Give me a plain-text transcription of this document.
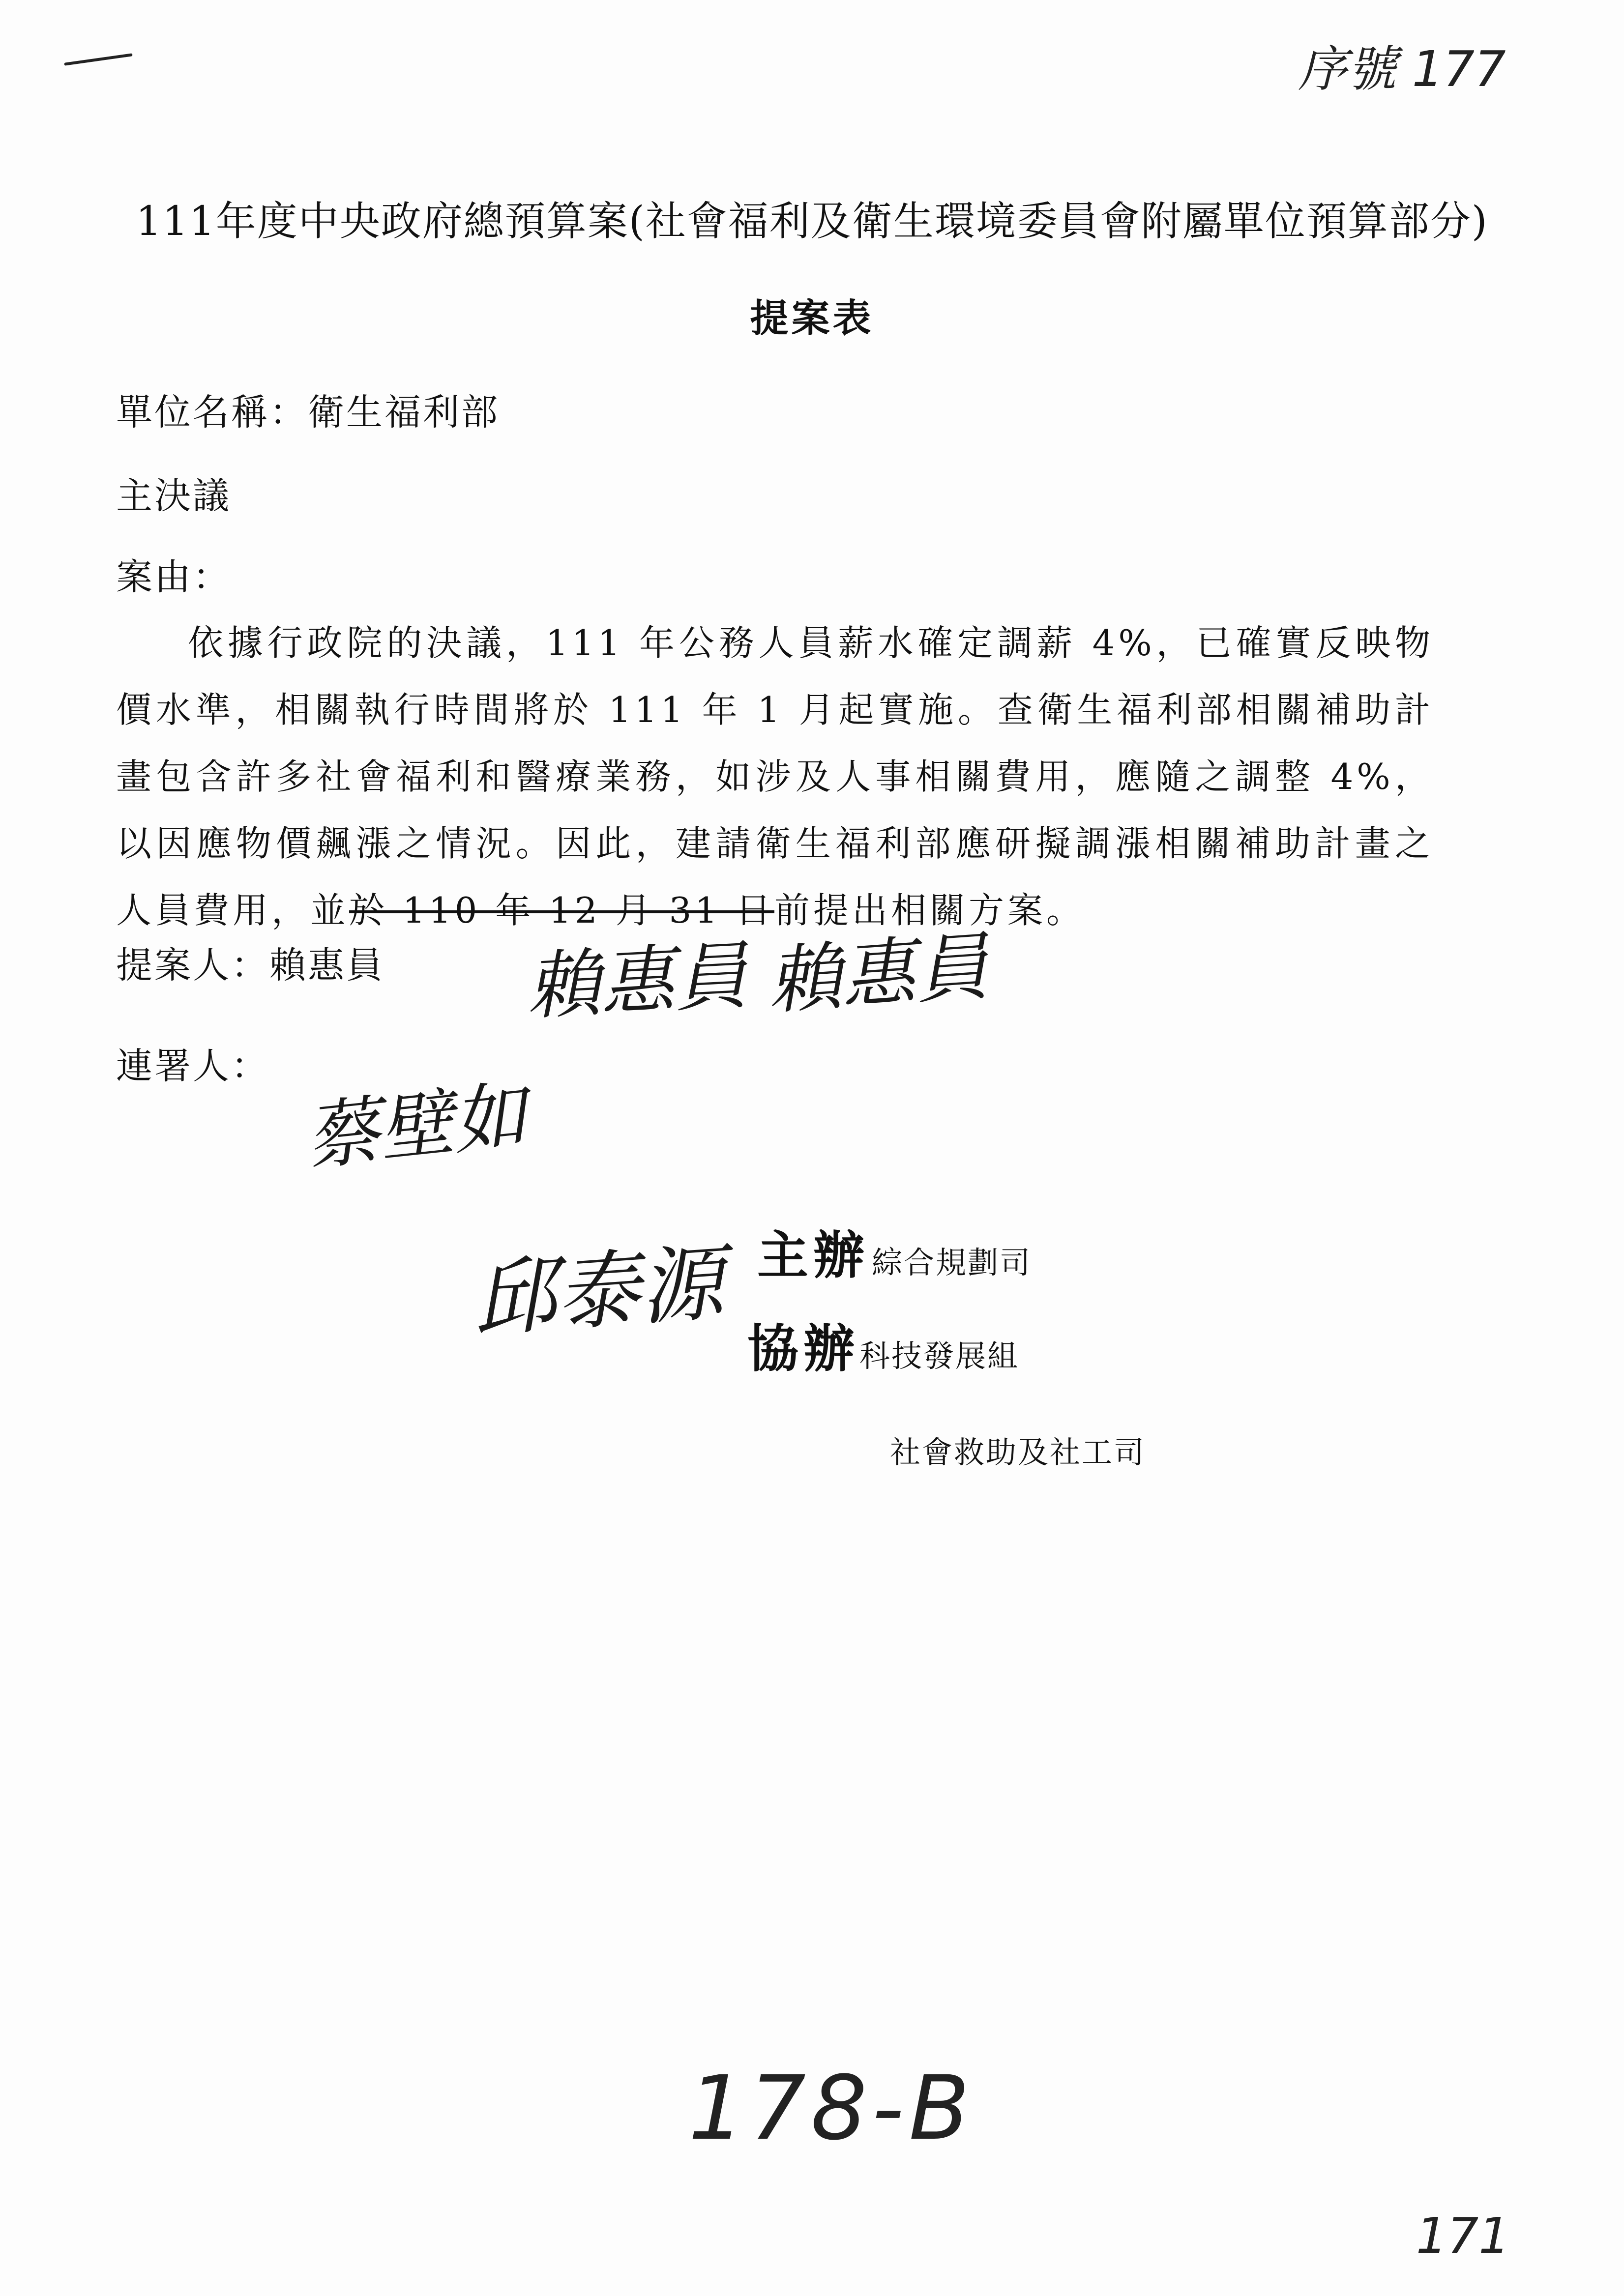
序號 177
111年度中央政府總預算案(社會福利及衛生環境委員會附屬單位預算部分)
提案表
單位名稱：衛生福利部
主決議
案由：
依據行政院的決議，111 年公務人員薪水確定調薪 4%，已確實反映物價水準，相關執行時間將於 111 年 1 月起實施。查衛生福利部相關補助計畫包含許多社會福利和醫療業務，如涉及人事相關費用，應隨之調整 4%，以因應物價飆漲之情況。因此，建請衛生福利部應研擬調漲相關補助計畫之人員費用，並於 110 年 12 月 31 日前提出相關方案。
提案人：賴惠員 賴惠員 賴惠員
連署人：
蔡壁如
邱泰源 主辦 綜合規劃司
協辦科技發展組
社會救助及社工司
178-B
171
